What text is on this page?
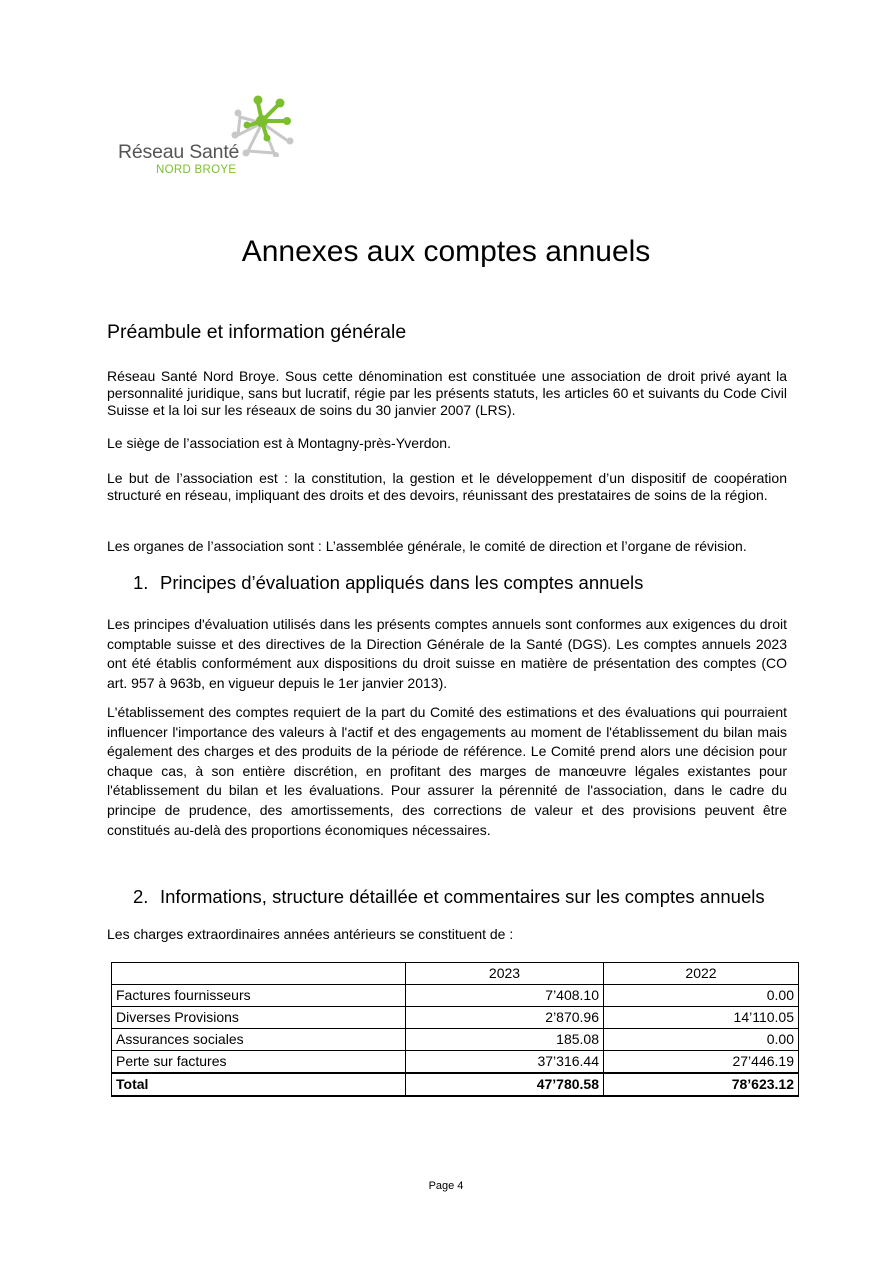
Réseau Santé
NORD BROYE
Annexes aux comptes annuels
Préambule et information générale

Réseau Santé Nord Broye. Sous cette dénomination est constituée une association de droit privé ayant la personnalité juridique, sans but lucratif, régie par les présents statuts, les articles 60 et suivants du Code Civil Suisse et la loi sur les réseaux de soins du 30 janvier 2007 (LRS).

Le siège de l’association est à Montagny-près-Yverdon.

Le but de l’association est : la constitution, la gestion et le développement d’un dispositif de coopération structuré en réseau, impliquant des droits et des devoirs, réunissant des prestataires de soins de la région.

Les organes de l’association sont : L’assemblée générale, le comité de direction et l’organe de révision.

1. Principes d’évaluation appliqués dans les comptes annuels

Les principes d'évaluation utilisés dans les présents comptes annuels sont conformes aux exigences du droit comptable suisse et des directives de la Direction Générale de la Santé (DGS). Les comptes annuels 2023 ont été établis conformément aux dispositions du droit suisse en matière de présentation des comptes (CO art. 957 à 963b, en vigueur depuis le 1er janvier 2013).

L'établissement des comptes requiert de la part du Comité des estimations et des évaluations qui pourraient influencer l'importance des valeurs à l'actif et des engagements au moment de l'établissement du bilan mais également des charges et des produits de la période de référence. Le Comité prend alors une décision pour chaque cas, à son entière discrétion, en profitant des marges de manœuvre légales existantes pour l'établissement du bilan et les évaluations. Pour assurer la pérennité de l'association, dans le cadre du principe de prudence, des amortissements, des corrections de valeur et des provisions peuvent être constitués au-delà des proportions économiques nécessaires.

2. Informations, structure détaillée et commentaires sur les comptes annuels

Les charges extraordinaires années antérieurs se constituent de :

	2023	2022
Factures fournisseurs	7’408.10	0.00
Diverses Provisions	2’870.96	14’110.05
Assurances sociales	185.08	0.00
Perte sur factures	37’316.44	27’446.19
Total	47’780.58	78’623.12
Page 4
